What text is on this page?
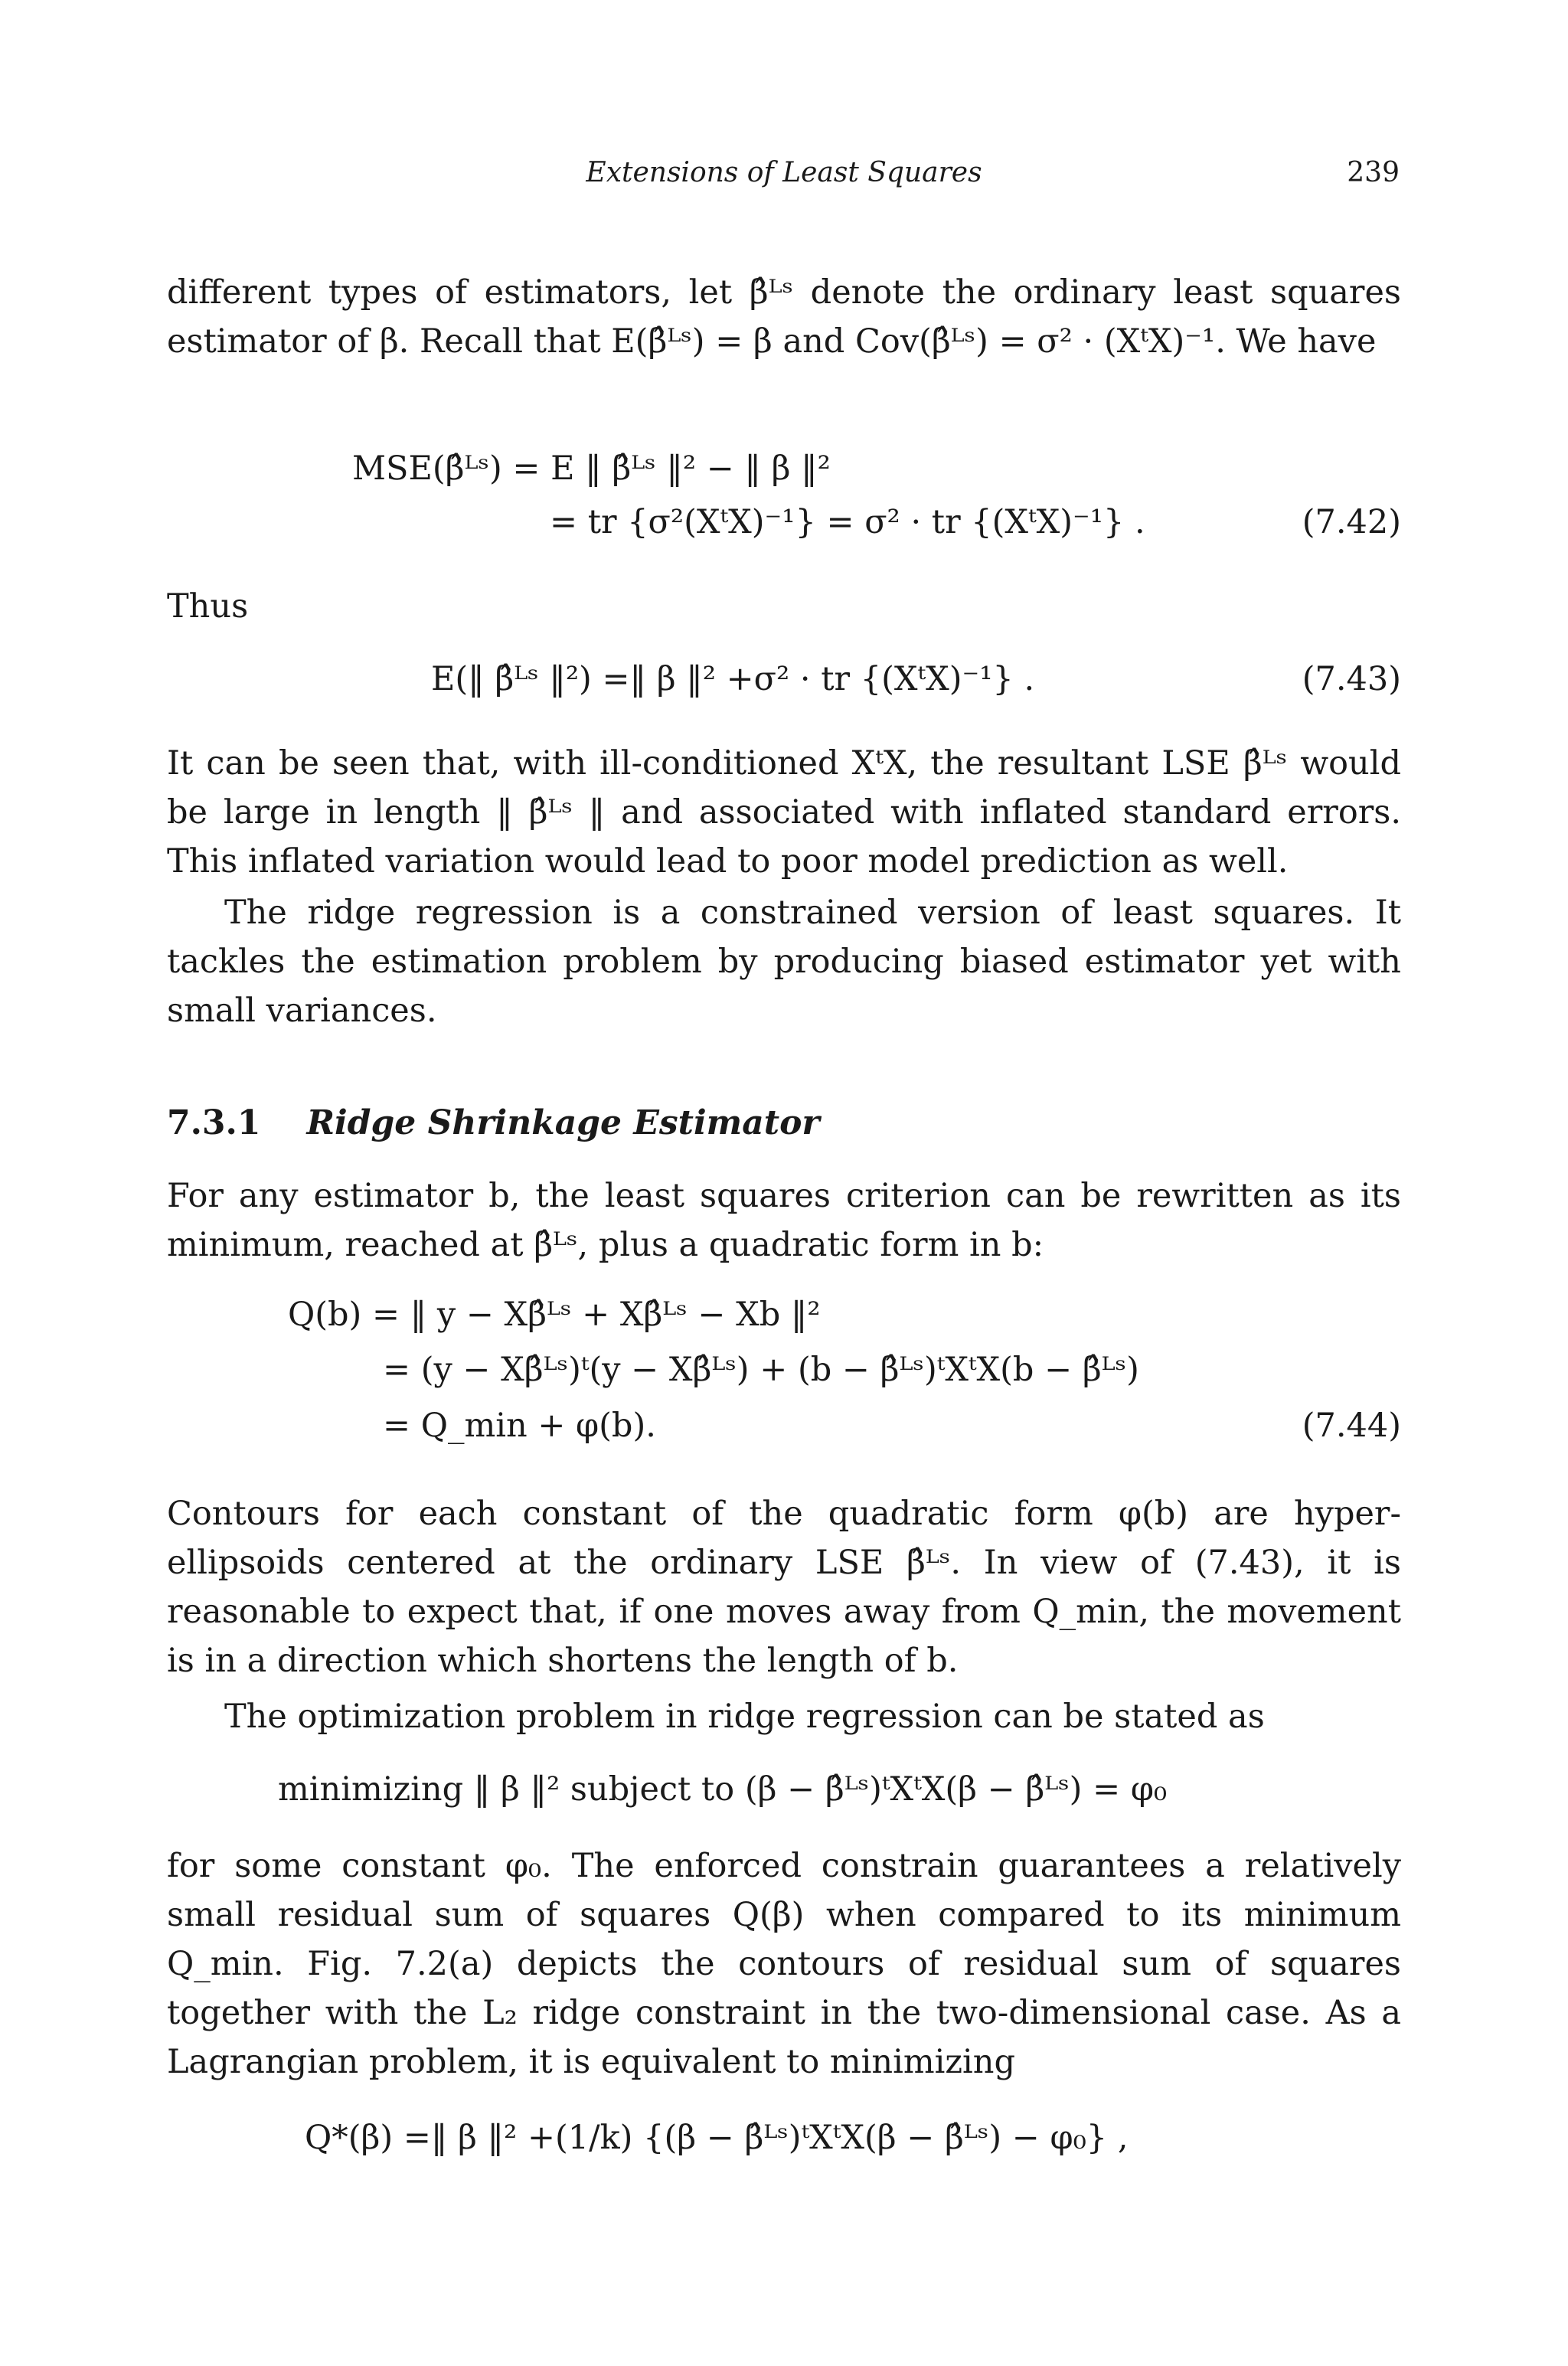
Extensions of Least Squares	239
different types of estimators, let β̂ᴸˢ denote the ordinary least squares estimator of β. Recall that E(β̂ᴸˢ) = β and Cov(β̂ᴸˢ) = σ² · (XᵗX)⁻¹. We have
MSE(β̂ᴸˢ) = E ‖ β̂ᴸˢ ‖² − ‖ β ‖²
= tr {σ²(XᵗX)⁻¹} = σ² · tr {(XᵗX)⁻¹} .	(7.42)
Thus
E(‖ β̂ᴸˢ ‖²) =‖ β ‖² +σ² · tr {(XᵗX)⁻¹} .	(7.43)
It can be seen that, with ill-conditioned XᵗX, the resultant LSE β̂ᴸˢ would be large in length ‖ β̂ᴸˢ ‖ and associated with inflated standard errors. This inflated variation would lead to poor model prediction as well.
The ridge regression is a constrained version of least squares. It tackles the estimation problem by producing biased estimator yet with small variances.
7.3.1 Ridge Shrinkage Estimator
For any estimator b, the least squares criterion can be rewritten as its minimum, reached at β̂ᴸˢ, plus a quadratic form in b:
Q(b) = ‖ y − Xβ̂ᴸˢ + Xβ̂ᴸˢ − Xb ‖²
= (y − Xβ̂ᴸˢ)ᵗ(y − Xβ̂ᴸˢ) + (b − β̂ᴸˢ)ᵗXᵗX(b − β̂ᴸˢ)
= Q_min + φ(b).	(7.44)
Contours for each constant of the quadratic form φ(b) are hyper-ellipsoids centered at the ordinary LSE β̂ᴸˢ. In view of (7.43), it is reasonable to expect that, if one moves away from Q_min, the movement is in a direction which shortens the length of b.
The optimization problem in ridge regression can be stated as
minimizing ‖ β ‖² subject to (β − β̂ᴸˢ)ᵗXᵗX(β − β̂ᴸˢ) = φ₀
for some constant φ₀. The enforced constrain guarantees a relatively small residual sum of squares Q(β) when compared to its minimum Q_min. Fig. 7.2(a) depicts the contours of residual sum of squares together with the L₂ ridge constraint in the two-dimensional case. As a Lagrangian problem, it is equivalent to minimizing
Q*(β) =‖ β ‖² +(1/k) {(β − β̂ᴸˢ)ᵗXᵗX(β − β̂ᴸˢ) − φ₀} ,
